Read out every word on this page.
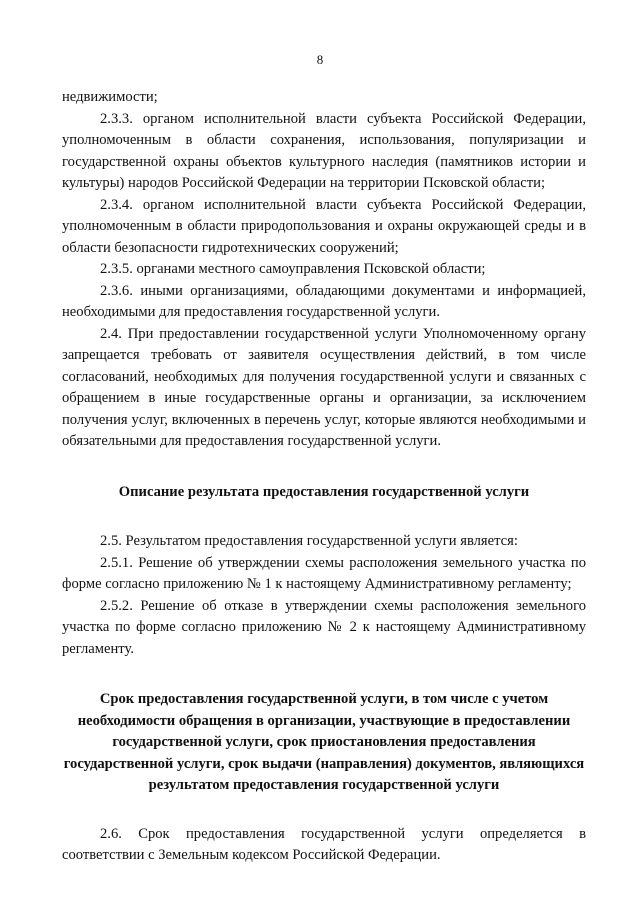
8

недвижимости;

2.3.3. органом исполнительной власти субъекта Российской Федерации, уполномоченным в области сохранения, использования, популяризации и государственной охраны объектов культурного наследия (памятников истории и культуры) народов Российской Федерации на территории Псковской области;

2.3.4. органом исполнительной власти субъекта Российской Федерации, уполномоченным в области природопользования и охраны окружающей среды и в области безопасности гидротехнических сооружений;

2.3.5. органами местного самоуправления Псковской области;

2.3.6. иными организациями, обладающими документами и информацией, необходимыми для предоставления государственной услуги.

2.4. При предоставлении государственной услуги Уполномоченному органу запрещается требовать от заявителя осуществления действий, в том числе согласований, необходимых для получения государственной услуги и связанных с обращением в иные государственные органы и организации, за исключением получения услуг, включенных в перечень услуг, которые являются необходимыми и обязательными для предоставления государственной услуги.

Описание результата предоставления государственной услуги

2.5. Результатом предоставления государственной услуги является:

2.5.1. Решение об утверждении схемы расположения земельного участка по форме согласно приложению № 1 к настоящему Административному регламенту;

2.5.2. Решение об отказе в утверждении схемы расположения земельного участка по форме согласно приложению № 2 к настоящему Административному регламенту.

Срок предоставления государственной услуги, в том числе с учетом необходимости обращения в организации, участвующие в предоставлении государственной услуги, срок приостановления предоставления государственной услуги, срок выдачи (направления) документов, являющихся результатом предоставления государственной услуги

2.6. Срок предоставления государственной услуги определяется в соответствии с Земельным кодексом Российской Федерации.
